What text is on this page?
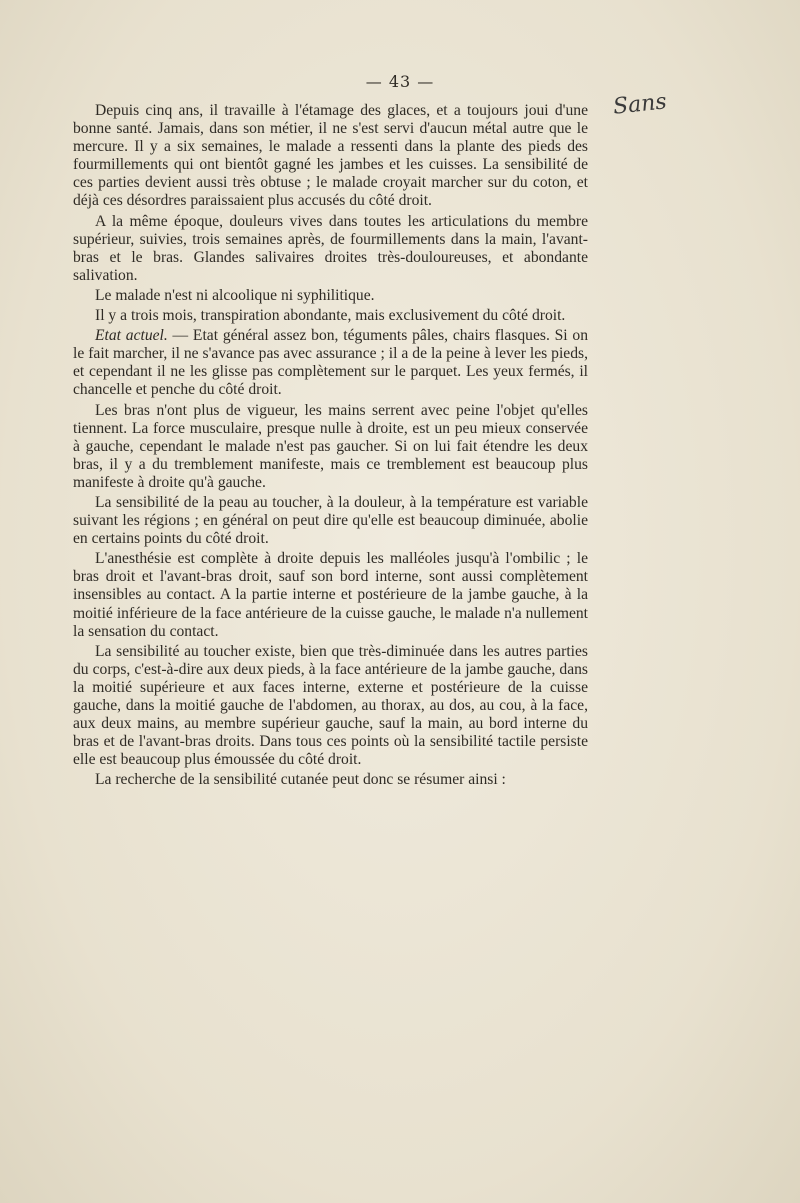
— 43 —
Sans

Depuis cinq ans, il travaille à l'étamage des glaces, et a toujours joui d'une bonne santé. Jamais, dans son métier, il ne s'est servi d'aucun métal autre que le mercure. Il y a six semaines, le malade a ressenti dans la plante des pieds des fourmillements qui ont bientôt gagné les jambes et les cuisses. La sensibilité de ces parties devient aussi très obtuse ; le malade croyait marcher sur du coton, et déjà ces désordres paraissaient plus accusés du côté droit.

A la même époque, douleurs vives dans toutes les articulations du membre supérieur, suivies, trois semaines après, de fourmillements dans la main, l'avant-bras et le bras. Glandes salivaires droites très-douloureuses, et abondante salivation.

Le malade n'est ni alcoolique ni syphilitique.

Il y a trois mois, transpiration abondante, mais exclusivement du côté droit.

Etat actuel. — Etat général assez bon, téguments pâles, chairs flasques. Si on le fait marcher, il ne s'avance pas avec assurance ; il a de la peine à lever les pieds, et cependant il ne les glisse pas complètement sur le parquet. Les yeux fermés, il chancelle et penche du côté droit.

Les bras n'ont plus de vigueur, les mains serrent avec peine l'objet qu'elles tiennent. La force musculaire, presque nulle à droite, est un peu mieux conservée à gauche, cependant le malade n'est pas gaucher. Si on lui fait étendre les deux bras, il y a du tremblement manifeste, mais ce tremblement est beaucoup plus manifeste à droite qu'à gauche.

La sensibilité de la peau au toucher, à la douleur, à la température est variable suivant les régions ; en général on peut dire qu'elle est beaucoup diminuée, abolie en certains points du côté droit.

L'anesthésie est complète à droite depuis les malléoles jusqu'à l'ombilic ; le bras droit et l'avant-bras droit, sauf son bord interne, sont aussi complètement insensibles au contact. A la partie interne et postérieure de la jambe gauche, à la moitié inférieure de la face antérieure de la cuisse gauche, le malade n'a nullement la sensation du contact.

La sensibilité au toucher existe, bien que très-diminuée dans les autres parties du corps, c'est-à-dire aux deux pieds, à la face antérieure de la jambe gauche, dans la moitié supérieure et aux faces interne, externe et postérieure de la cuisse gauche, dans la moitié gauche de l'abdomen, au thorax, au dos, au cou, à la face, aux deux mains, au membre supérieur gauche, sauf la main, au bord interne du bras et de l'avant-bras droits. Dans tous ces points où la sensibilité tactile persiste elle est beaucoup plus émoussée du côté droit.

La recherche de la sensibilité cutanée peut donc se résumer ainsi :
